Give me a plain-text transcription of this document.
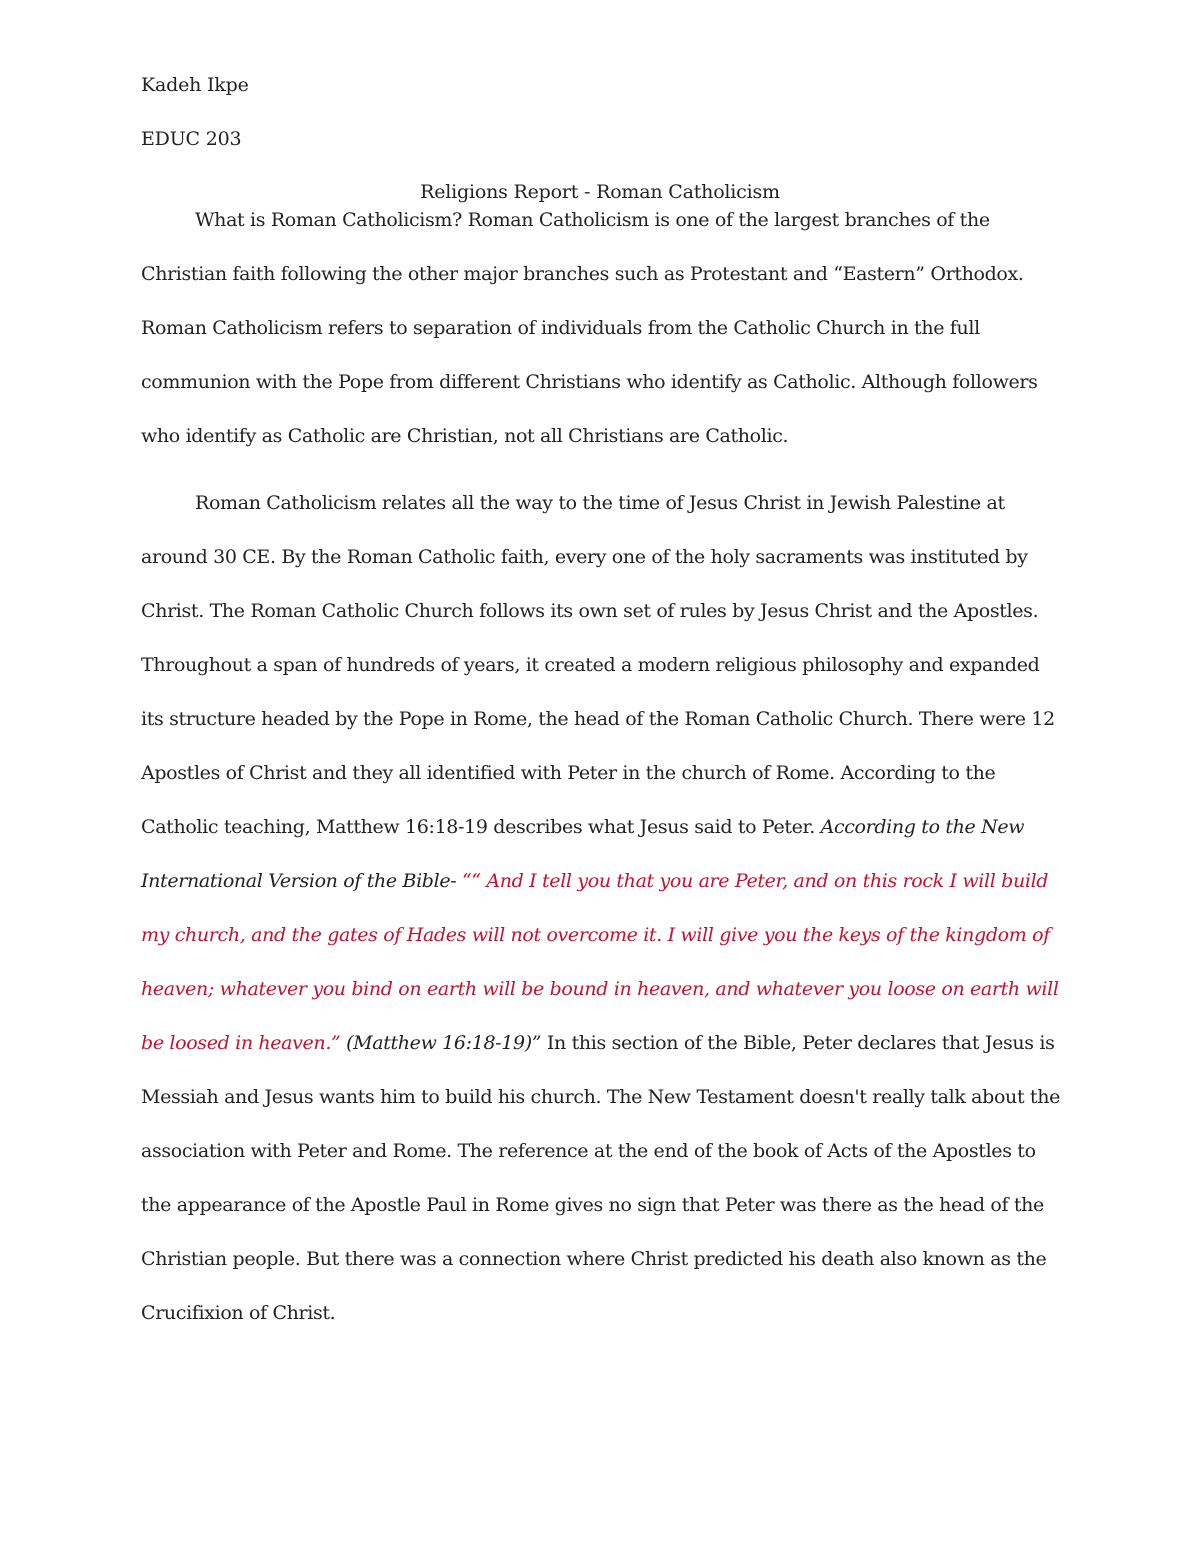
Kadeh Ikpe
EDUC 203
Religions Report - Roman Catholicism

What is Roman Catholicism? Roman Catholicism is one of the largest branches of the Christian faith following the other major branches such as Protestant and “Eastern” Orthodox. Roman Catholicism refers to separation of individuals from the Catholic Church in the full communion with the Pope from different Christians who identify as Catholic. Although followers who identify as Catholic are Christian, not all Christians are Catholic.

Roman Catholicism relates all the way to the time of Jesus Christ in Jewish Palestine at around 30 CE. By the Roman Catholic faith, every one of the holy sacraments was instituted by Christ. The Roman Catholic Church follows its own set of rules by Jesus Christ and the Apostles. Throughout a span of hundreds of years, it created a modern religious philosophy and expanded its structure headed by the Pope in Rome, the head of the Roman Catholic Church. There were 12 Apostles of Christ and they all identified with Peter in the church of Rome. According to the Catholic teaching, Matthew 16:18-19 describes what Jesus said to Peter. According to the New International Version of the Bible- ““ And I tell you that you are Peter, and on this rock I will build my church, and the gates of Hades will not overcome it. I will give you the keys of the kingdom of heaven; whatever you bind on earth will be bound in heaven, and whatever you loose on earth will be loosed in heaven.” (Matthew 16:18-19)” In this section of the Bible, Peter declares that Jesus is Messiah and Jesus wants him to build his church. The New Testament doesn't really talk about the association with Peter and Rome. The reference at the end of the book of Acts of the Apostles to the appearance of the Apostle Paul in Rome gives no sign that Peter was there as the head of the Christian people. But there was a connection where Christ predicted his death also known as the Crucifixion of Christ.
